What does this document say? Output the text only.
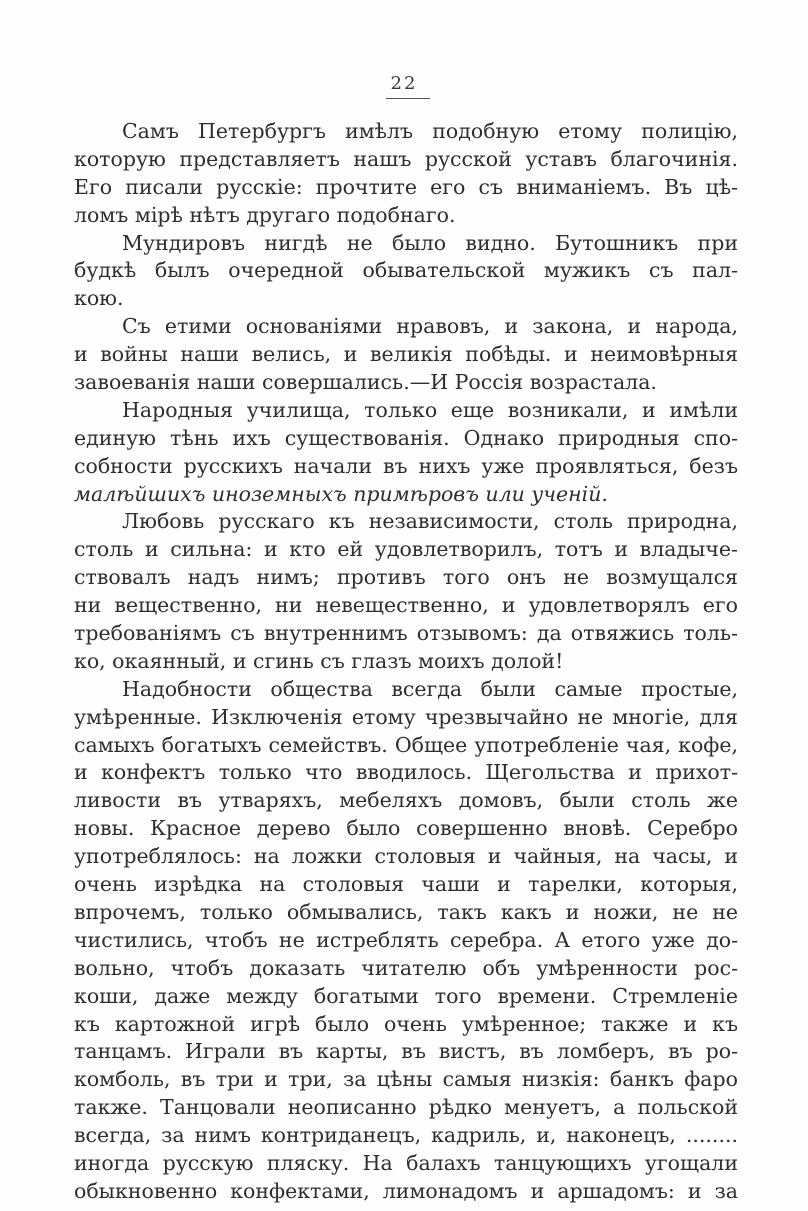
22
Самъ Петербургъ имѣлъ подобную етому полицію,
которую представляетъ нашъ русской уставъ благочинія.
Его писали русскіе: прочтите его съ вниманіемъ. Въ цѣ-
ломъ мірѣ нѣтъ другаго подобнаго.
Мундировъ нигдѣ не было видно. Бутошникъ при
будкѣ былъ очередной обывательской мужикъ съ пал-
кою.
Съ етими основаніями нравовъ, и закона, и народа,
и войны наши велись, и великія побѣды. и неимовѣрныя
завоеванія наши совершались.—И Россія возрастала.
Народныя училища, только еще возникали, и имѣли
единую тѣнь ихъ существованія. Однако природныя спо-
собности русскихъ начали въ нихъ уже проявляться, безъ
малѣйшихъ иноземныхъ примѣровъ или ученій.
Любовь русскаго къ независимости, столь природна,
столь и сильна: и кто ей удовлетворилъ, тотъ и владыче-
ствовалъ надъ нимъ; противъ того онъ не возмущался
ни вещественно, ни невещественно, и удовлетворялъ его
требованіямъ съ внутреннимъ отзывомъ: да отвяжись толь-
ко, окаянный, и сгинь съ глазъ моихъ долой!
Надобности общества всегда были самые простые,
умѣренные. Изключенія етому чрезвычайно не многіе, для
самыхъ богатыхъ семействъ. Общее употребленіе чая, кофе,
и конфектъ только что вводилось. Щегольства и прихот-
ливости въ утваряхъ, мебеляхъ домовъ, были столь же
новы. Красное дерево было совершенно вновѣ. Серебро
употреблялось: на ложки столовыя и чайныя, на часы, и
очень изрѣдка на столовыя чаши и тарелки, которыя,
впрочемъ, только обмывались, такъ какъ и ножи, не не
чистились, чтобъ не истреблять серебра. А етого уже до-
вольно, чтобъ доказать читателю объ умѣренности рос-
коши, даже между богатыми того времени. Стремленіе
къ картожной игрѣ было очень умѣренное; также и къ
танцамъ. Играли въ карты, въ вистъ, въ ломберъ, въ ро-
комболь, въ три и три, за цѣны самыя низкія: банкъ фаро
также. Танцовали неописанно рѣдко менуетъ, а польской
всегда, за нимъ контриданецъ, кадриль, и, наконецъ, ........
иногда русскую пляску. На балахъ танцующихъ угощали
обыкновенно конфектами, лимонадомъ и аршадомъ: и за
